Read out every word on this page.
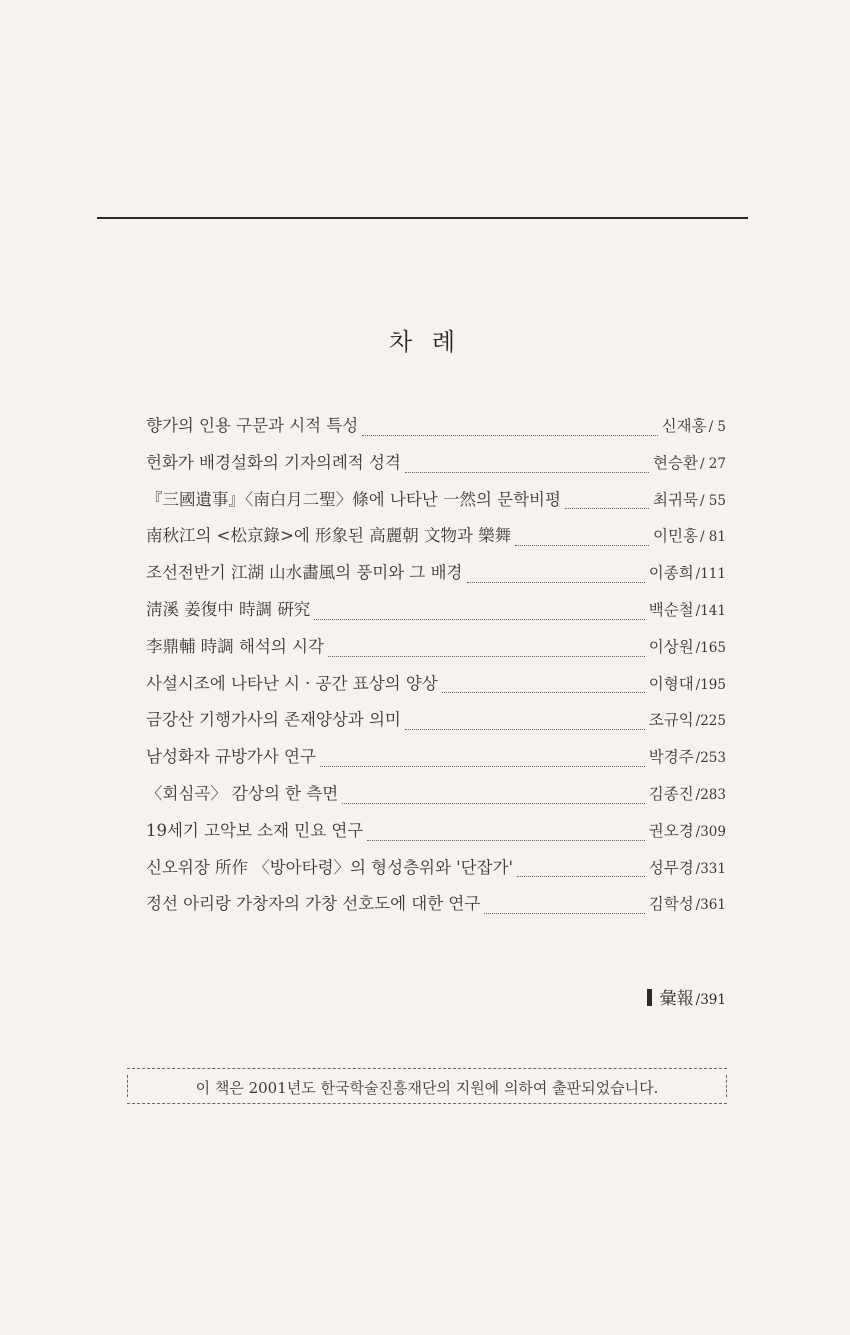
차 례
향가의 인용 구문과 시적 특성	신재홍 / 5
헌화가 배경설화의 기자의례적 성격	현승환 / 27
『三國遺事』〈南白月二聖〉條에 나타난 一然의 문학비평	최귀묵 / 55
南秋江의 <松京錄>에 形象된 高麗朝 文物과 樂舞	이민홍 / 81
조선전반기 江湖 山水畵風의 풍미와 그 배경	이종희 /111
淸溪 姜復中 時調 硏究	백순철 /141
李鼎輔 時調 해석의 시각	이상원 /165
사설시조에 나타난 시 · 공간 표상의 양상	이형대 /195
금강산 기행가사의 존재양상과 의미	조규익 /225
남성화자 규방가사 연구	박경주 /253
〈회심곡〉 감상의 한 측면	김종진 /283
19세기 고악보 소재 민요 연구	권오경 /309
신오위장 所作 〈방아타령〉의 형성층위와 '단잡가'	성무경 /331
정선 아리랑 가창자의 가창 선호도에 대한 연구	김학성 /361
彙報 /391
이 책은 2001년도 한국학술진흥재단의 지원에 의하여 출판되었습니다.
